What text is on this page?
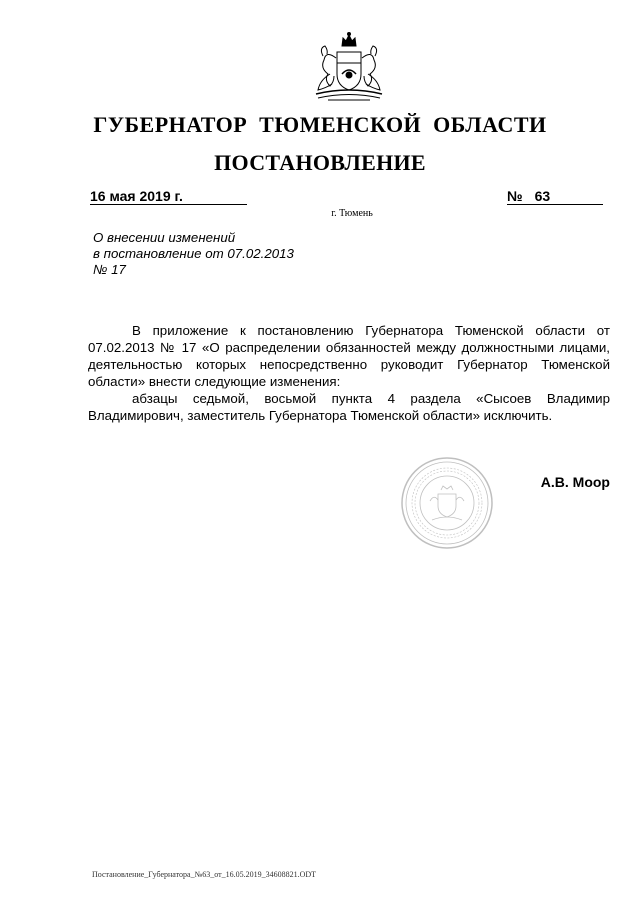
ГУБЕРНАТОР ТЮМЕНСКОЙ ОБЛАСТИ
ПОСТАНОВЛЕНИЕ
16 мая 2019 г.	№ 63
г. Тюмень
О внесении изменений
в постановление от 07.02.2013
№ 17

В приложение к постановлению Губернатора Тюменской области от 07.02.2013 № 17 «О распределении обязанностей между должностными лицами, деятельностью которых непосредственно руководит Губернатор Тюменской области» внести следующие изменения:

абзацы седьмой, восьмой пункта 4 раздела «Сысоев Владимир Владимирович, заместитель Губернатора Тюменской области» исключить.

А.В. Моор
Постановление_Губернатора_№63_от_16.05.2019_34608821.ODT
